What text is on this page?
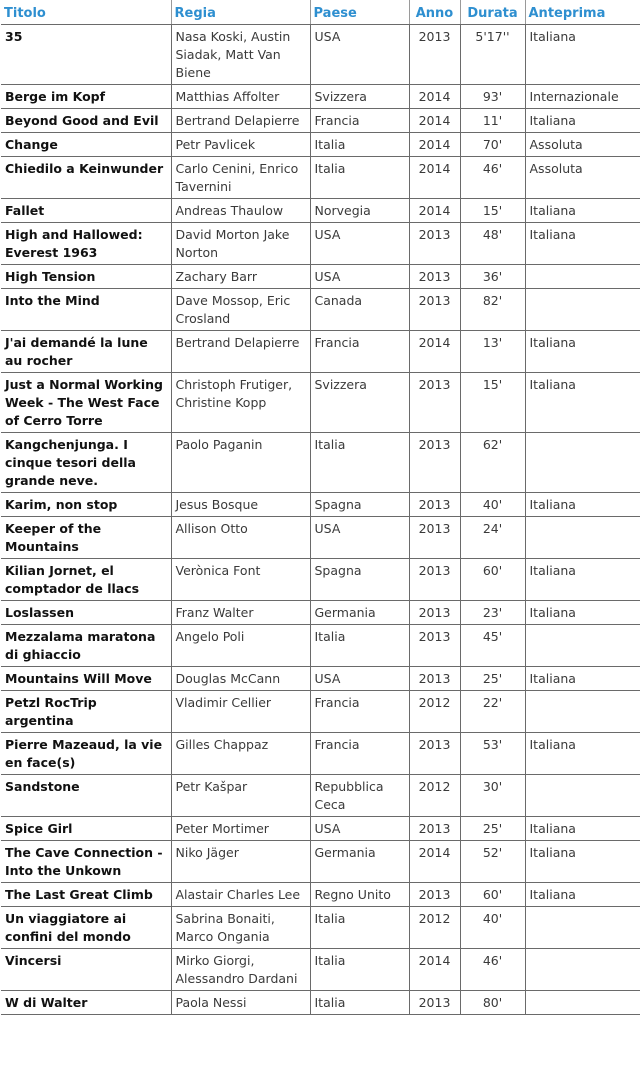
Titolo	Regia	Paese	Anno	Durata	Anteprima
35	Nasa Koski, Austin Siadak, Matt Van Biene	USA	2013	5'17''	Italiana
Berge im Kopf	Matthias Affolter	Svizzera	2014	93'	Internazionale
Beyond Good and Evil	Bertrand Delapierre	Francia	2014	11'	Italiana
Change	Petr Pavlicek	Italia	2014	70'	Assoluta
Chiedilo a Keinwunder	Carlo Cenini, Enrico Tavernini	Italia	2014	46'	Assoluta
Fallet	Andreas Thaulow	Norvegia	2014	15'	Italiana
High and Hallowed: Everest 1963	David Morton Jake Norton	USA	2013	48'	Italiana
High Tension	Zachary Barr	USA	2013	36'	
Into the Mind	Dave Mossop, Eric Crosland	Canada	2013	82'	
J'ai demandé la lune au rocher	Bertrand Delapierre	Francia	2014	13'	Italiana
Just a Normal Working Week - The West Face of Cerro Torre	Christoph Frutiger, Christine Kopp	Svizzera	2013	15'	Italiana
Kangchenjunga. I cinque tesori della grande neve.	Paolo Paganin	Italia	2013	62'	
Karim, non stop	Jesus Bosque	Spagna	2013	40'	Italiana
Keeper of the Mountains	Allison Otto	USA	2013	24'	
Kilian Jornet, el comptador de llacs	Verònica Font	Spagna	2013	60'	Italiana
Loslassen	Franz Walter	Germania	2013	23'	Italiana
Mezzalama maratona di ghiaccio	Angelo Poli	Italia	2013	45'	
Mountains Will Move	Douglas McCann	USA	2013	25'	Italiana
Petzl RocTrip argentina	Vladimir Cellier	Francia	2012	22'	
Pierre Mazeaud, la vie en face(s)	Gilles Chappaz	Francia	2013	53'	Italiana
Sandstone	Petr Kašpar	Repubblica Ceca	2012	30'	
Spice Girl	Peter Mortimer	USA	2013	25'	Italiana
The Cave Connection - Into the Unkown	Niko Jäger	Germania	2014	52'	Italiana
The Last Great Climb	Alastair Charles Lee	Regno Unito	2013	60'	Italiana
Un viaggiatore ai confini del mondo	Sabrina Bonaiti, Marco Ongania	Italia	2012	40'	
Vincersi	Mirko Giorgi, Alessandro Dardani	Italia	2014	46'	
W di Walter	Paola Nessi	Italia	2013	80'	
